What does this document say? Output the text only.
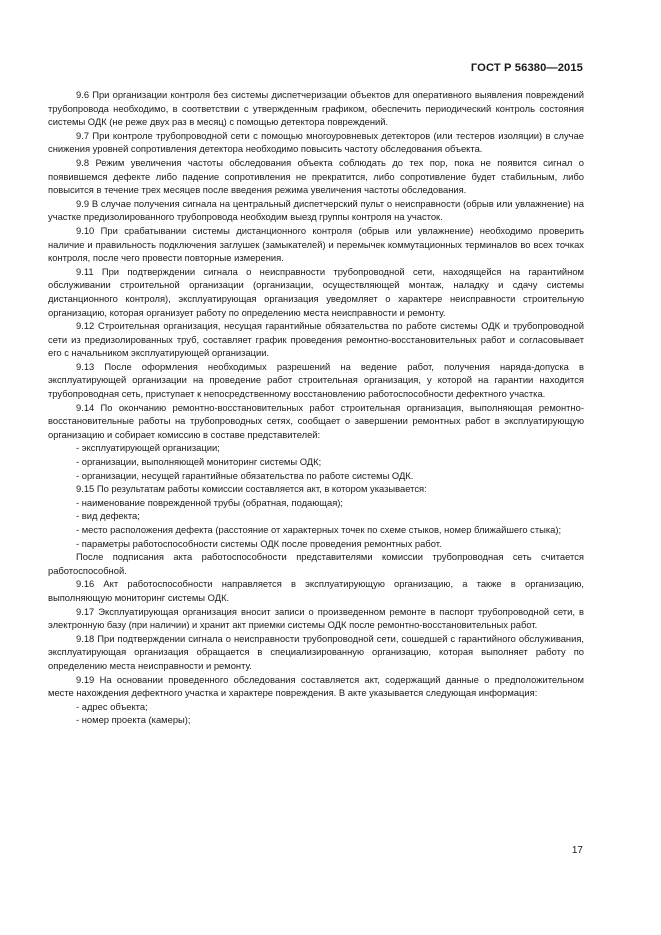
ГОСТ Р 56380—2015

9.6 При организации контроля без системы диспетчеризации объектов для оперативного выявления повреждений трубопровода необходимо, в соответствии с утвержденным графиком, обеспечить периодический контроль состояния системы ОДК (не реже двух раз в месяц) с помощью детектора повреждений.

9.7 При контроле трубопроводной сети с помощью многоуровневых детекторов (или тестеров изоляции) в случае снижения уровней сопротивления детектора необходимо повысить частоту обследования объекта.

9.8 Режим увеличения частоты обследования объекта соблюдать до тех пор, пока не появится сигнал о появившемся дефекте либо падение сопротивления не прекратится, либо сопротивление будет стабильным, либо повысится в течение трех месяцев после введения режима увеличения частоты обследования.

9.9 В случае получения сигнала на центральный диспетчерский пульт о неисправности (обрыв или увлажнение) на участке предизолированного трубопровода необходим выезд группы контроля на участок.

9.10 При срабатывании системы дистанционного контроля (обрыв или увлажнение) необходимо проверить наличие и правильность подключения заглушек (замыкателей) и перемычек коммутационных терминалов во всех точках контроля, после чего провести повторные измерения.

9.11 При подтверждении сигнала о неисправности трубопроводной сети, находящейся на гарантийном обслуживании строительной организации (организации, осуществляющей монтаж, наладку и сдачу системы дистанционного контроля), эксплуатирующая организация уведомляет о характере неисправности строительную организацию, которая организует работу по определению места неисправности и ремонту.

9.12 Строительная организация, несущая гарантийные обязательства по работе системы ОДК и трубопроводной сети из предизолированных труб, составляет график проведения ремонтно-восстановительных работ и согласовывает его с начальником эксплуатирующей организации.

9.13 После оформления необходимых разрешений на ведение работ, получения наряда-допуска в эксплуатирующей организации на проведение работ строительная организация, у которой на гарантии находится трубопроводная сеть, приступает к непосредственному восстановлению работоспособности дефектного участка.

9.14 По окончанию ремонтно-восстановительных работ строительная организация, выполняющая ремонтно-восстановительные работы на трубопроводных сетях, сообщает о завершении ремонтных работ в эксплуатирующую организацию и собирает комиссию в составе представителей:

- эксплуатирующей организации;

- организации, выполняющей мониторинг системы ОДК;

- организации, несущей гарантийные обязательства по работе системы ОДК.

9.15 По результатам работы комиссии составляется акт, в котором указывается:

- наименование поврежденной трубы (обратная, подающая);

- вид дефекта;

- место расположения дефекта (расстояние от характерных точек по схеме стыков, номер ближайшего стыка);

- параметры работоспособности системы ОДК после проведения ремонтных работ.

После подписания акта работоспособности представителями комиссии трубопроводная сеть считается работоспособной.

9.16 Акт работоспособности направляется в эксплуатирующую организацию, а также в организацию, выполняющую мониторинг системы ОДК.

9.17 Эксплуатирующая организация вносит записи о произведенном ремонте в паспорт трубопроводной сети, в электронную базу (при наличии) и хранит акт приемки системы ОДК после ремонтно-восстановительных работ.

9.18 При подтверждении сигнала о неисправности трубопроводной сети, сошедшей с гарантийного обслуживания, эксплуатирующая организация обращается в специализированную организацию, которая выполняет работу по определению места неисправности и ремонту.

9.19 На основании проведенного обследования составляется акт, содержащий данные о предположительном месте нахождения дефектного участка и характере повреждения. В акте указывается следующая информация:

- адрес объекта;

- номер проекта (камеры);

17
